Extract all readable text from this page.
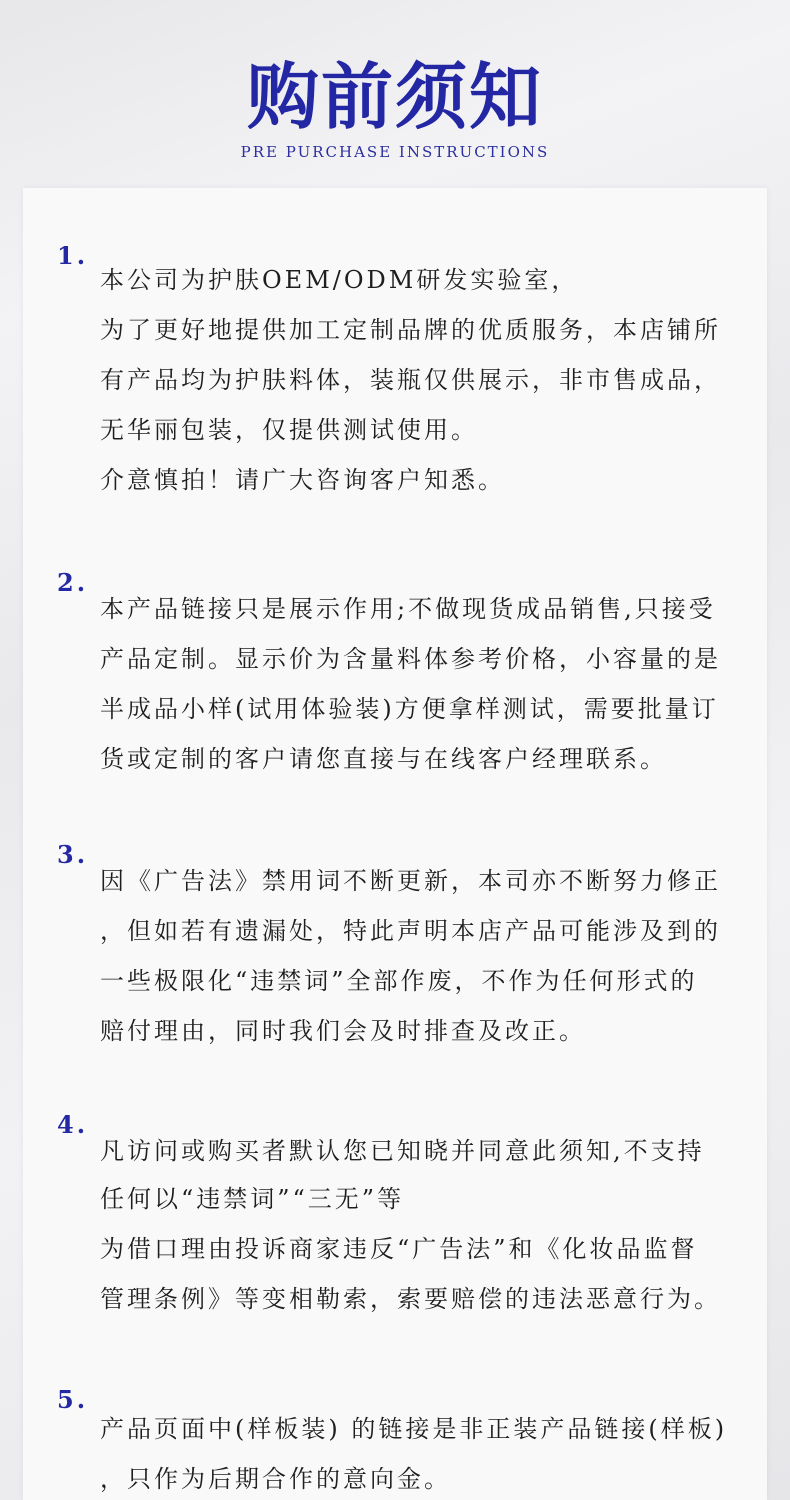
购前须知
PRE PURCHASE INSTRUCTIONS
1.
本公司为护肤OEM/ODM研发实验室，
为了更好地提供加工定制品牌的优质服务，本店铺所
有产品均为护肤料体，装瓶仅供展示，非市售成品，
无华丽包装，仅提供测试使用。
介意慎拍！请广大咨询客户知悉。
2.
本产品链接只是展示作用;不做现货成品销售,只接受
产品定制。显示价为含量料体参考价格，小容量的是
半成品小样(试用体验装)方便拿样测试，需要批量订
货或定制的客户请您直接与在线客户经理联系。
3.
因《广告法》禁用词不断更新，本司亦不断努力修正
，但如若有遗漏处，特此声明本店产品可能涉及到的
一些极限化“违禁词”全部作废，不作为任何形式的
赔付理由，同时我们会及时排查及改正。
4.
凡访问或购买者默认您已知晓并同意此须知,不支持
任何以“违禁词”“三无”等
为借口理由投诉商家违反“广告法”和《化妆品监督
管理条例》等变相勒索，索要赔偿的违法恶意行为。
5.
产品页面中(样板装) 的链接是非正装产品链接(样板)
，只作为后期合作的意向金。
